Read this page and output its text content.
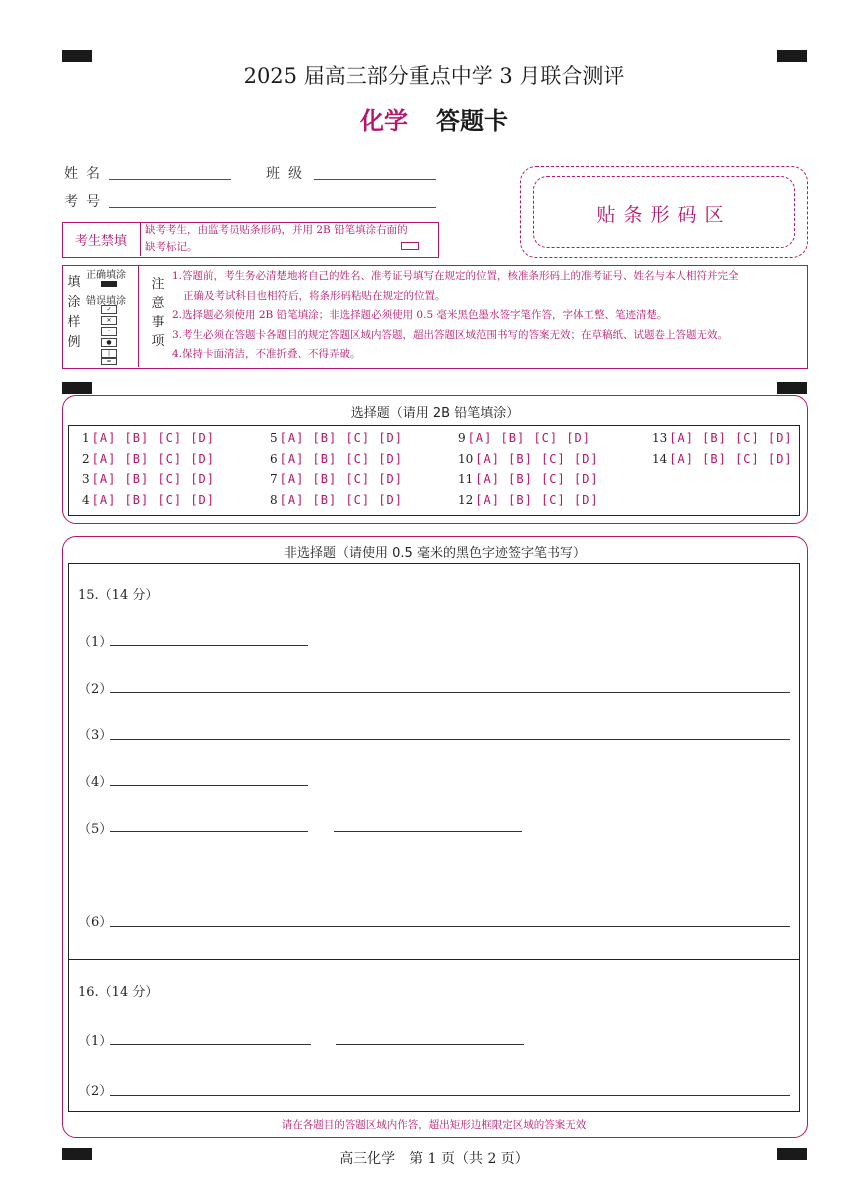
2025 届高三部分重点中学 3 月联合测评
化学 答题卡
姓名	班级
考号
贴条形码区
考生禁填
缺考考生，由监考员贴条形码，并用 2B 铅笔填涂右面的缺考标记。
填涂样例
正确填涂
错误填涂
✓
✕
·
●
|
=
注意事项
1.答题前，考生务必清楚地将自己的姓名、准考证号填写在规定的位置，核准条形码上的准考证号、姓名与本人相符并完全
正确及考试科目也相符后，将条形码粘贴在规定的位置。
2.选择题必须使用 2B 铅笔填涂；非选择题必须使用 0.5 毫米黑色墨水签字笔作答，字体工整、笔迹清楚。
3.考生必须在答题卡各题目的规定答题区域内答题，超出答题区域范围书写的答案无效；在草稿纸、试题卷上答题无效。
4.保持卡面清洁，不准折叠、不得弄破。
选择题（请用 2B 铅笔填涂）
1 [A] [B] [C] [D]
2 [A] [B] [C] [D]
3 [A] [B] [C] [D]
4 [A] [B] [C] [D]
5 [A] [B] [C] [D]
6 [A] [B] [C] [D]
7 [A] [B] [C] [D]
8 [A] [B] [C] [D]
9 [A] [B] [C] [D]
10 [A] [B] [C] [D]
11 [A] [B] [C] [D]
12 [A] [B] [C] [D]
13 [A] [B] [C] [D]
14 [A] [B] [C] [D]
非选择题（请使用 0.5 毫米的黑色字迹签字笔书写）
15.（14 分）
（1）
（2）
（3）
（4）
（5）
（6）
16.（14 分）
（1）
（2）
请在各题目的答题区域内作答，超出矩形边框限定区域的答案无效
高三化学　第 1 页（共 2 页）
